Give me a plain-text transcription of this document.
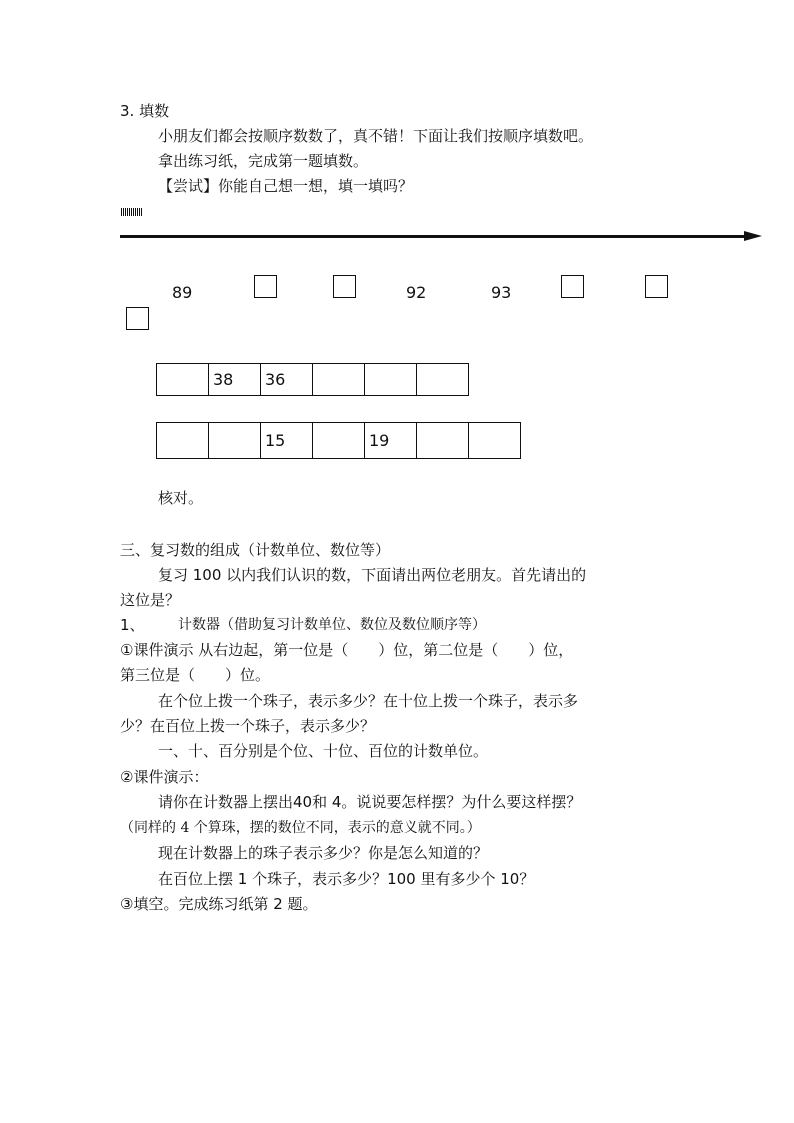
3. 填数
小朋友们都会按顺序数数了，真不错！下面让我们按顺序填数吧。
拿出练习纸，完成第一题填数。
【尝试】你能自己想一想，填一填吗？
89	92	93
	38	36			
		15		19		
核对。
三、复习数的组成（计数单位、数位等）
复习 100 以内我们认识的数，下面请出两位老朋友。首先请出的
这位是？
1、 计数器（借助复习计数单位、数位及数位顺序等）
①课件演示 从右边起，第一位是（　　）位，第二位是（　　）位，
第三位是（　　）位。
在个位上拨一个珠子，表示多少？在十位上拨一个珠子，表示多
少？在百位上拨一个珠子，表示多少？
一、十、百分别是个位、十位、百位的计数单位。
②课件演示：
请你在计数器上摆出40和 4。说说要怎样摆？为什么要这样摆？
（同样的 4 个算珠，摆的数位不同，表示的意义就不同。）
现在计数器上的珠子表示多少？你是怎么知道的？
在百位上摆 1 个珠子，表示多少？100 里有多少个 10？
③填空。完成练习纸第 2 题。
